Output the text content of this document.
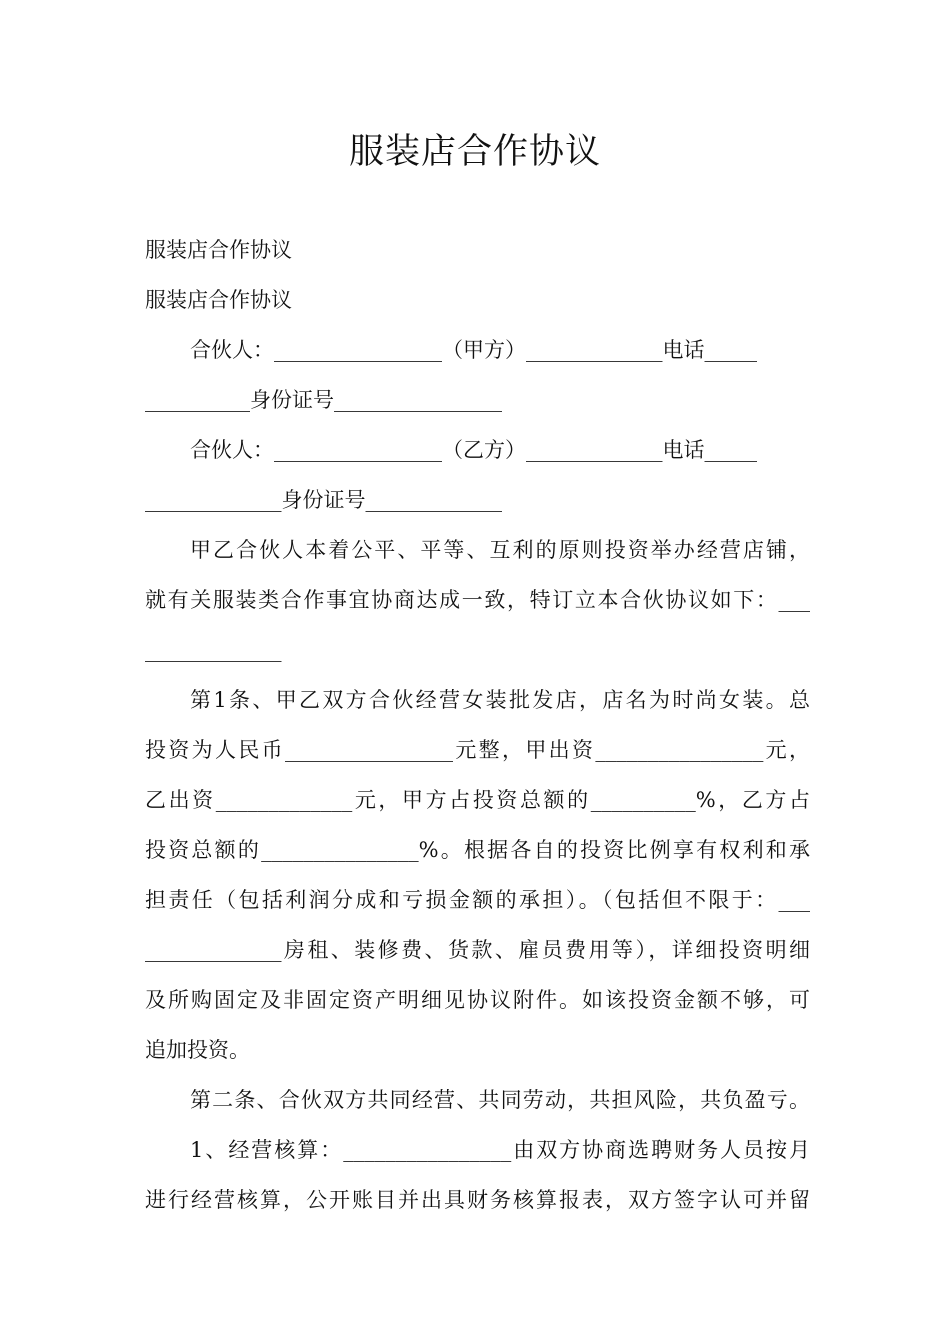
服装店合作协议
服装店合作协议
服装店合作协议
合伙人：________________（甲方）_____________电话_____
__________身份证号________________
合伙人：________________（乙方）_____________电话_____
_____________身份证号_____________
甲乙合伙人本着公平、平等、互利的原则投资举办经营店铺，
就有关服装类合作事宜协商达成一致，特订立本合伙协议如下：___
_____________
第1条、甲乙双方合伙经营女装批发店，店名为时尚女装。总
投资为人民币________________元整，甲出资________________元，
乙出资_____________元，甲方占投资总额的__________%，乙方占
投资总额的_______________%。根据各自的投资比例享有权利和承
担责任（包括利润分成和亏损金额的承担）。（包括但不限于：___
_____________房租、装修费、货款、雇员费用等），详细投资明细
及所购固定及非固定资产明细见协议附件。如该投资金额不够，可
追加投资。
第二条、合伙双方共同经营、共同劳动，共担风险，共负盈亏。
1、经营核算：________________由双方协商选聘财务人员按月
进行经营核算，公开账目并出具财务核算报表，双方签字认可并留
